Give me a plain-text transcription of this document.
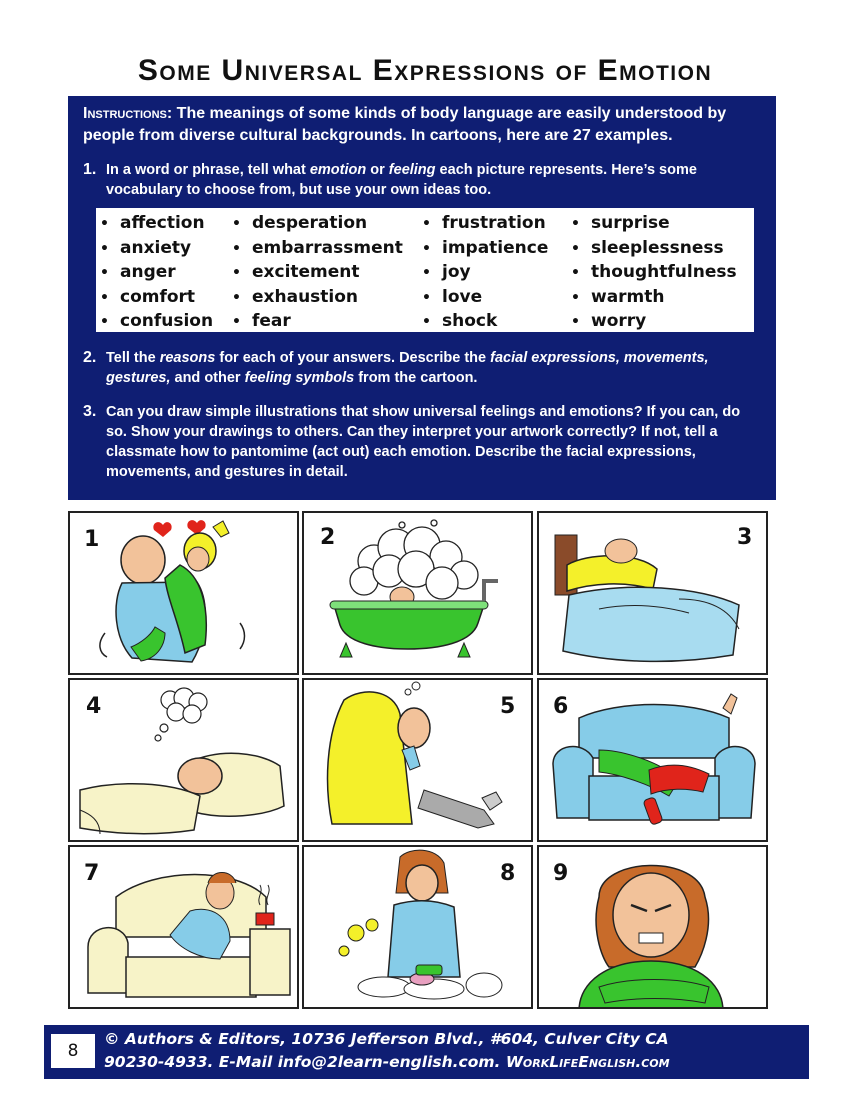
Some Universal Expressions of Emotion
Instructions: The meanings of some kinds of body language are easily understood by people from diverse cultural backgrounds. In cartoons, here are 27 examples.
1. In a word or phrase, tell what emotion or feeling each picture represents. Here’s some vocabulary to choose from, but use your own ideas too.
• affection
• anxiety
• anger
• comfort
• confusion
• desperation
• embarrassment
• excitement
• exhaustion
• fear
• frustration
• impatience
• joy
• love
• shock
• surprise
• sleeplessness
• thoughtfulness
• warmth
• worry
2. Tell the reasons for each of your answers. Describe the facial expressions, movements, gestures, and other feeling symbols from the cartoon.
3. Can you draw simple illustrations that show universal feelings and emotions? If you can, do so. Show your drawings to others. Can they interpret your artwork correctly? If not, tell a classmate how to pantomime (act out) each emotion. Describe the facial expressions, movements, and gestures in detail.
1	2	3
4	5 6
7	8 9
8
© Authors & Editors, 10736 Jefferson Blvd., #604, Culver City CA
90230-4933. E-Mail info@2learn-english.com. WorkLifeEnglish.com
